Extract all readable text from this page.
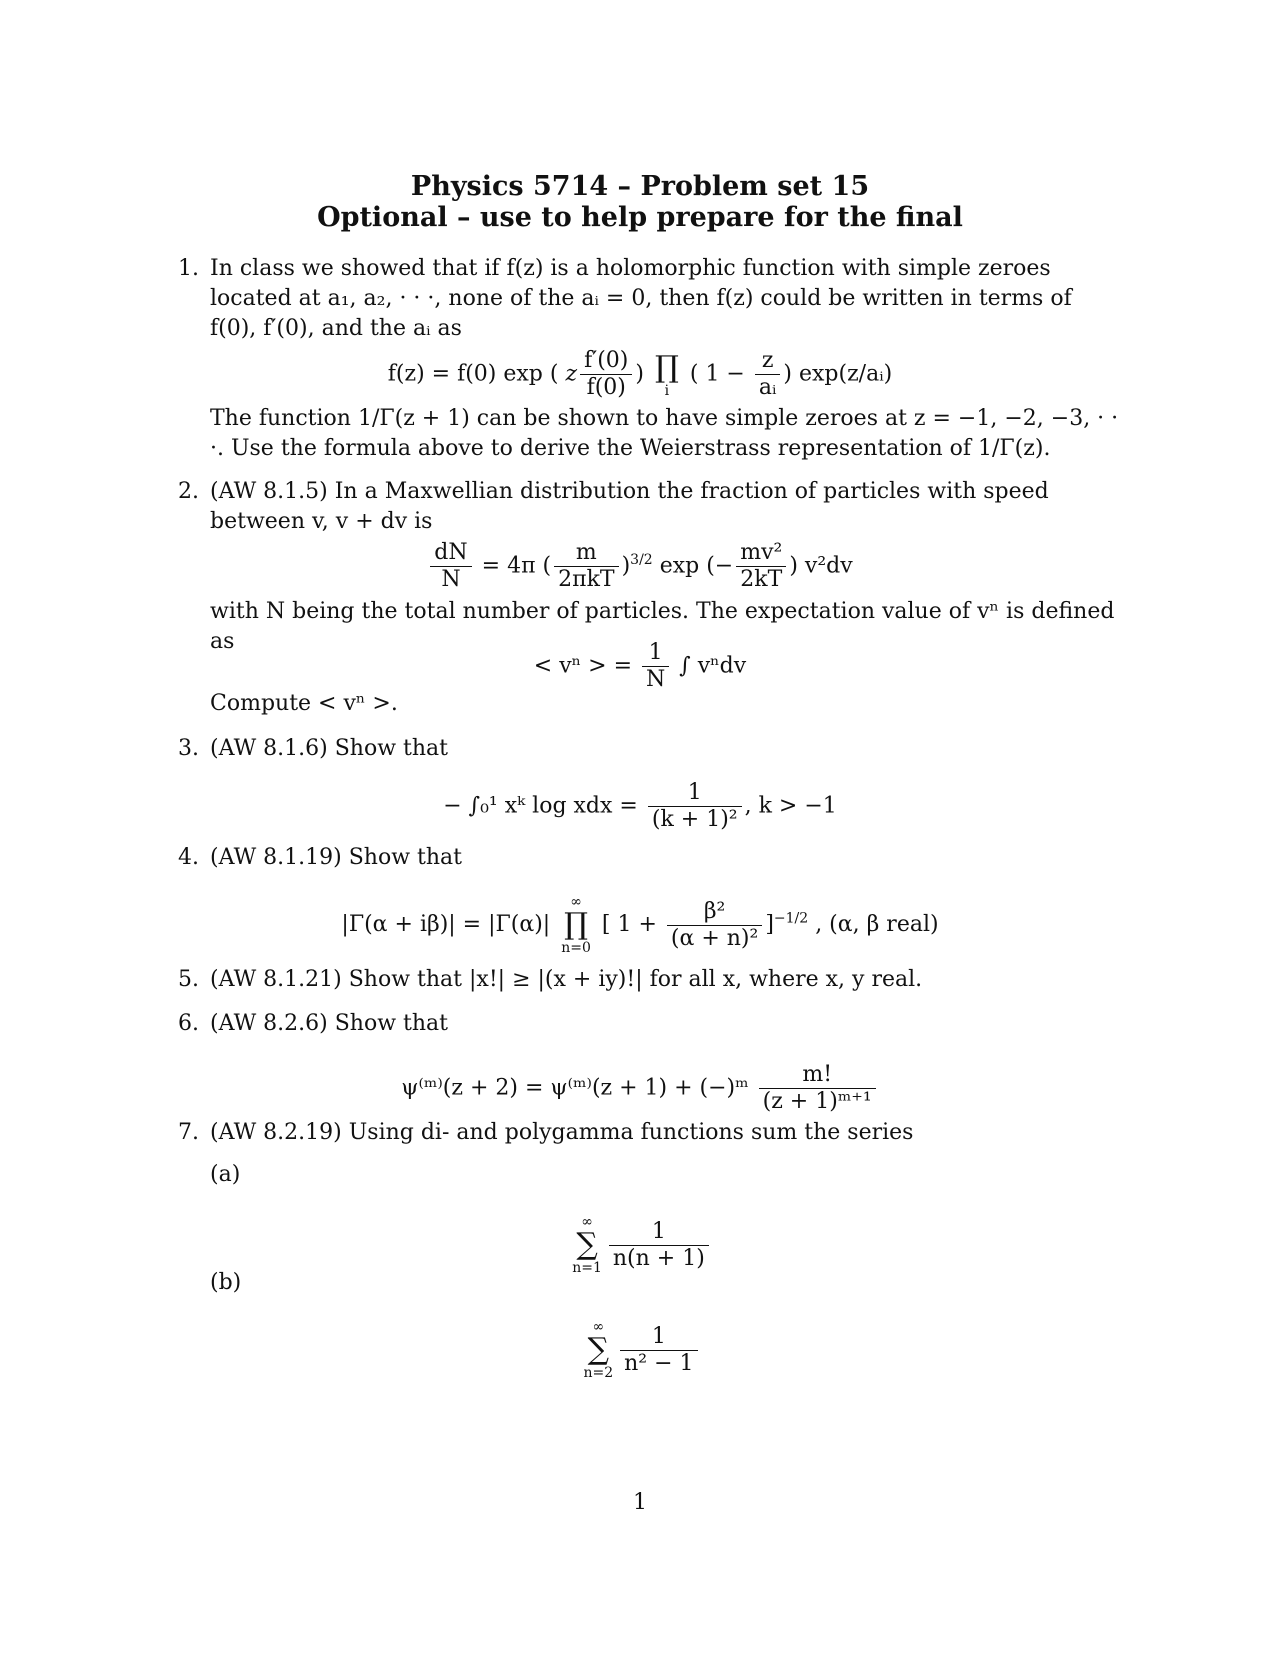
Physics 5714 – Problem set 15
Optional – use to help prepare for the final
1. In class we showed that if f(z) is a holomorphic function with simple zeroes located at a₁, a₂, · · ·, none of the aᵢ = 0, then f(z) could be written in terms of f(0), f′(0), and the aᵢ as
f(z) = f(0) exp ( z $\frac{f'(0)}{f(0)}$ ) ∏
i ( $1 - \frac{z}{\text{aᵢ}}$ ) exp(z/aᵢ)
The function 1/Γ(z + 1) can be shown to have simple zeroes at z = −1, −2, −3, · · ·. Use the formula above to derive the Weierstrass representation of 1/Γ(z).
2. (AW 8.1.5) In a Maxwellian distribution the fraction of particles with speed between v, v + dv is
$\frac{dN}{N} = 4\pi$ ( $\frac{m}{\text{2πkT}} )^{3/2}$ exp (− $\frac{\text{mv²}}{2kT}$ ) v²dv
with N being the total number of particles. The expectation value of vⁿ is defined as
< vⁿ > = $\frac{1}{N}$ ∫ vⁿdv
Compute < vⁿ >.
3. (AW 8.1.6) Show that
− ∫₀¹ xᵏ log xdx = $\frac{1}{\text{(k + 1)²}}$ , k > −1
4. (AW 8.1.19) Show that
|Γ(α + iβ)| = |Γ(α)| ∞
∏
n=0 [ $1 + \frac{\text{β²}}{\text{(α + n)²}} ]^{-1/2}$ , (α, β real)
5. (AW 8.1.21) Show that |x!| ≥ |(x + iy)!| for all x, where x, y real.
6. (AW 8.2.6) Show that
ψ⁽ᵐ⁾(z + 2) = ψ⁽ᵐ⁾(z + 1) + (−)ᵐ $\frac{m!}{\text{(z + 1)ᵐ⁺¹}}$
7. (AW 8.2.19) Using di- and polygamma functions sum the series
(a)
∞
∑
$n=1 \frac{1}{n(n + 1)}$
(b)
∞
∑
$n=2 \frac{1}{\text{n² − 1}}$
1
